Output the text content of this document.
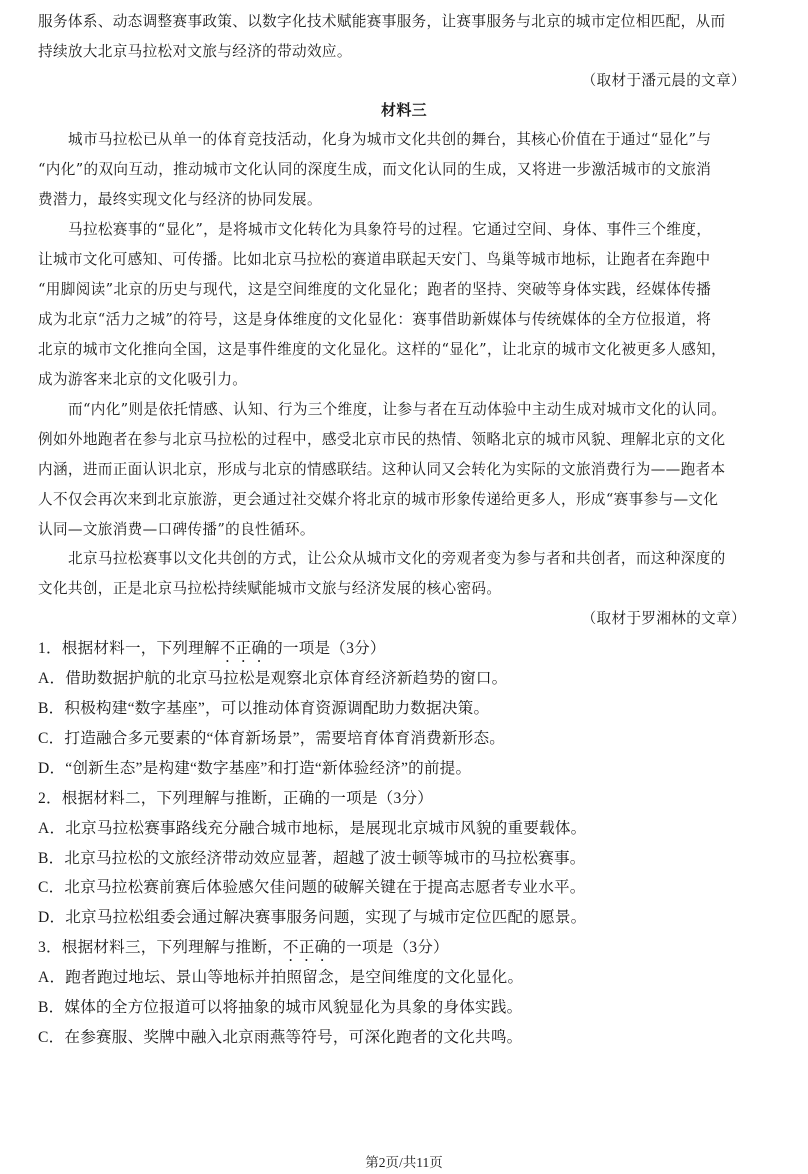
服务体系、动态调整赛事政策、以数字化技术赋能赛事服务，让赛事服务与北京的城市定位相匹配，从而
持续放大北京马拉松对文旅与经济的带动效应。
（取材于潘元晨的文章）
材料三
城市马拉松已从单一的体育竞技活动，化身为城市文化共创的舞台，其核心价值在于通过“显化”与
“内化”的双向互动，推动城市文化认同的深度生成，而文化认同的生成，又将进一步激活城市的文旅消
费潜力，最终实现文化与经济的协同发展。
马拉松赛事的“显化”，是将城市文化转化为具象符号的过程。它通过空间、身体、事件三个维度，
让城市文化可感知、可传播。比如北京马拉松的赛道串联起天安门、鸟巢等城市地标，让跑者在奔跑中
“用脚阅读”北京的历史与现代，这是空间维度的文化显化；跑者的坚持、突破等身体实践，经媒体传播
成为北京“活力之城”的符号，这是身体维度的文化显化：赛事借助新媒体与传统媒体的全方位报道，将
北京的城市文化推向全国，这是事件维度的文化显化。这样的“显化”，让北京的城市文化被更多人感知，
成为游客来北京的文化吸引力。
而“内化”则是依托情感、认知、行为三个维度，让参与者在互动体验中主动生成对城市文化的认同。
例如外地跑者在参与北京马拉松的过程中，感受北京市民的热情、领略北京的城市风貌、理解北京的文化
内涵，进而正面认识北京，形成与北京的情感联结。这种认同又会转化为实际的文旅消费行为——跑者本
人不仅会再次来到北京旅游，更会通过社交媒介将北京的城市形象传递给更多人，形成“赛事参与—文化
认同—文旅消费—口碑传播”的良性循环。
北京马拉松赛事以文化共创的方式，让公众从城市文化的旁观者变为参与者和共创者，而这种深度的
文化共创，正是北京马拉松持续赋能城市文旅与经济发展的核心密码。
（取材于罗湘林的文章）
1．根据材料一，下列理解不正确的一项是（3分）
A．借助数据护航的北京马拉松是观察北京体育经济新趋势的窗口。
B．积极构建“数字基座”，可以推动体育资源调配助力数据决策。
C．打造融合多元要素的“体育新场景”，需要培育体育消费新形态。
D．“创新生态”是构建“数字基座”和打造“新体验经济”的前提。
2．根据材料二，下列理解与推断，正确的一项是（3分）
A．北京马拉松赛事路线充分融合城市地标，是展现北京城市风貌的重要载体。
B．北京马拉松的文旅经济带动效应显著，超越了波士顿等城市的马拉松赛事。
C．北京马拉松赛前赛后体验感欠佳问题的破解关键在于提高志愿者专业水平。
D．北京马拉松组委会通过解决赛事服务问题，实现了与城市定位匹配的愿景。
3．根据材料三，下列理解与推断，不正确的一项是（3分）
A．跑者跑过地坛、景山等地标并拍照留念，是空间维度的文化显化。
B．媒体的全方位报道可以将抽象的城市风貌显化为具象的身体实践。
C．在参赛服、奖牌中融入北京雨燕等符号，可深化跑者的文化共鸣。
第2页/共11页
